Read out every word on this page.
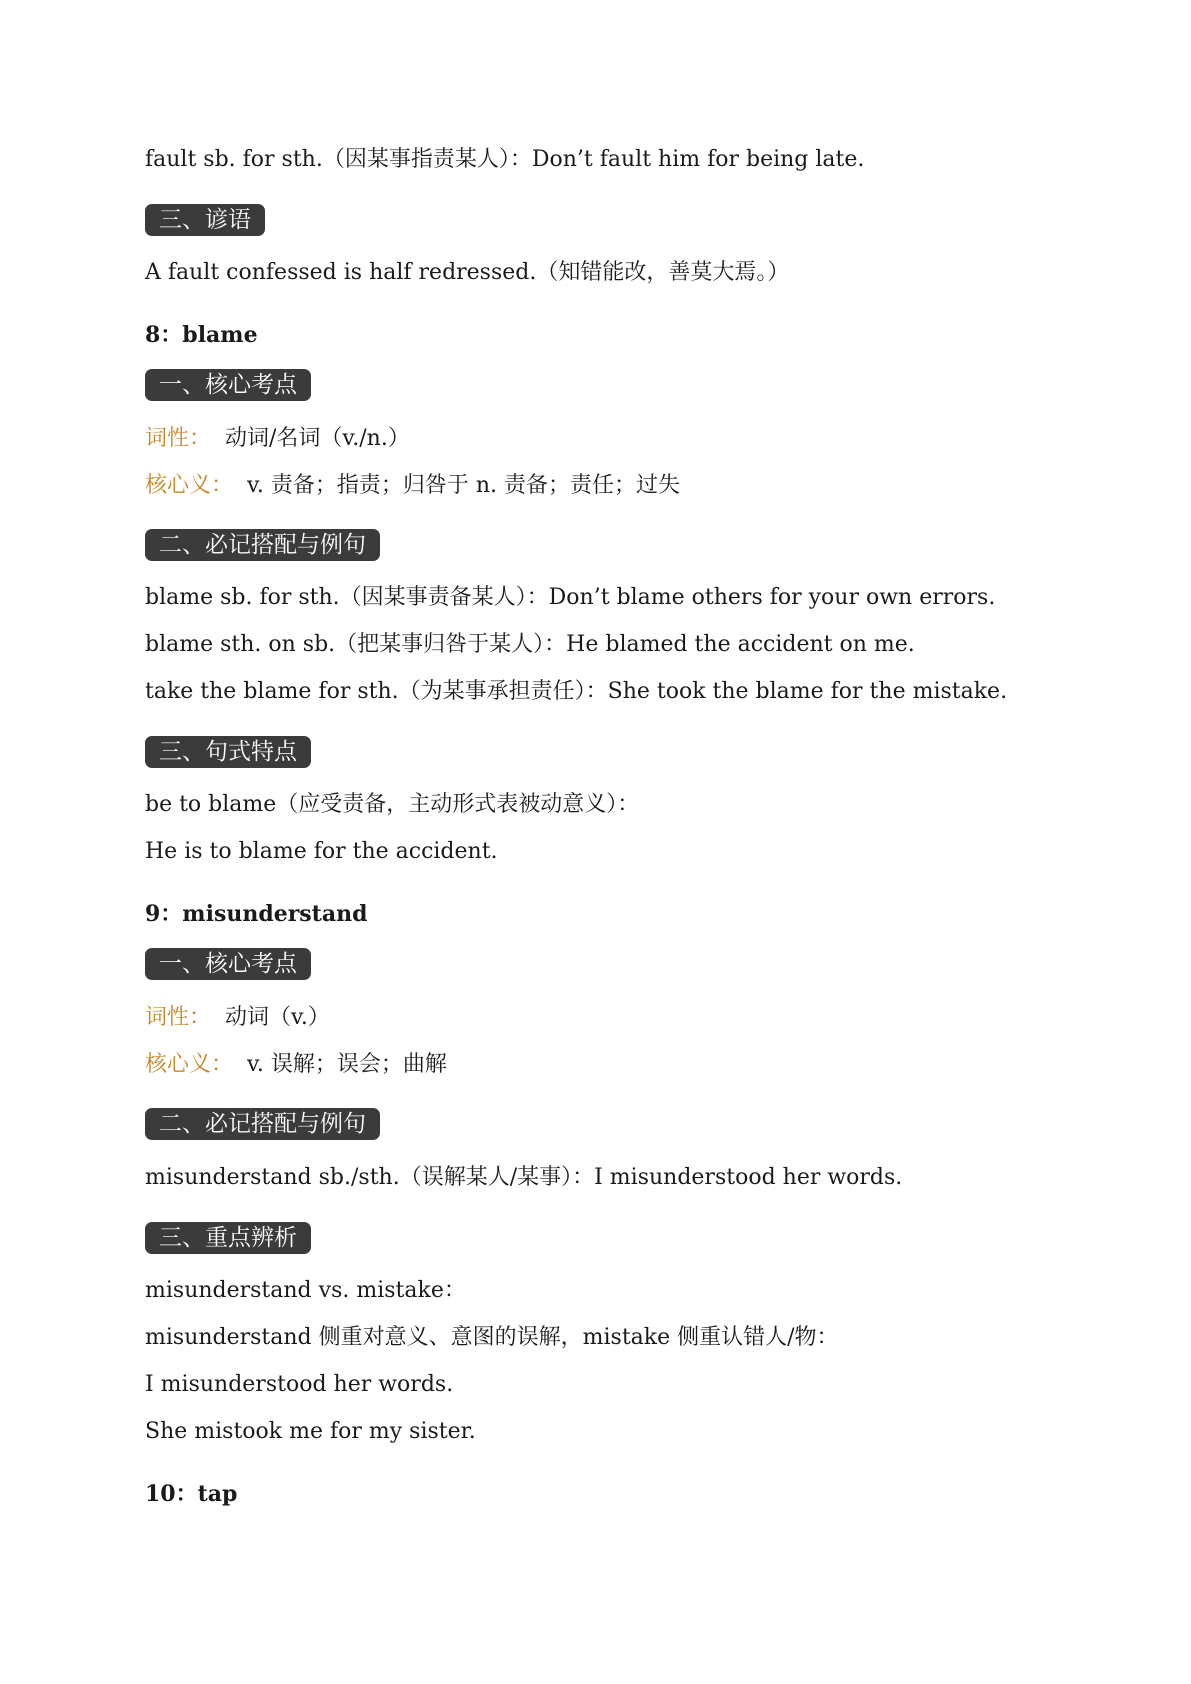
fault sb. for sth.（因某事指责某人）：Don’t fault him for being late.
三、谚语
A fault confessed is half redressed.（知错能改，善莫大焉。）
8：blame
一、核心考点
词性： 动词/名词（v./n.）
核心义： v. 责备；指责；归咎于 n. 责备；责任；过失
二、必记搭配与例句
blame sb. for sth.（因某事责备某人）：Don’t blame others for your own errors.
blame sth. on sb.（把某事归咎于某人）：He blamed the accident on me.
take the blame for sth.（为某事承担责任）：She took the blame for the mistake.
三、句式特点
be to blame（应受责备，主动形式表被动意义）：
He is to blame for the accident.
9：misunderstand
一、核心考点
词性： 动词（v.）
核心义： v. 误解；误会；曲解
二、必记搭配与例句
misunderstand sb./sth.（误解某人/某事）：I misunderstood her words.
三、重点辨析
misunderstand vs. mistake：
misunderstand 侧重对意义、意图的误解，mistake 侧重认错人/物：
I misunderstood her words.
She mistook me for my sister.
10：tap
